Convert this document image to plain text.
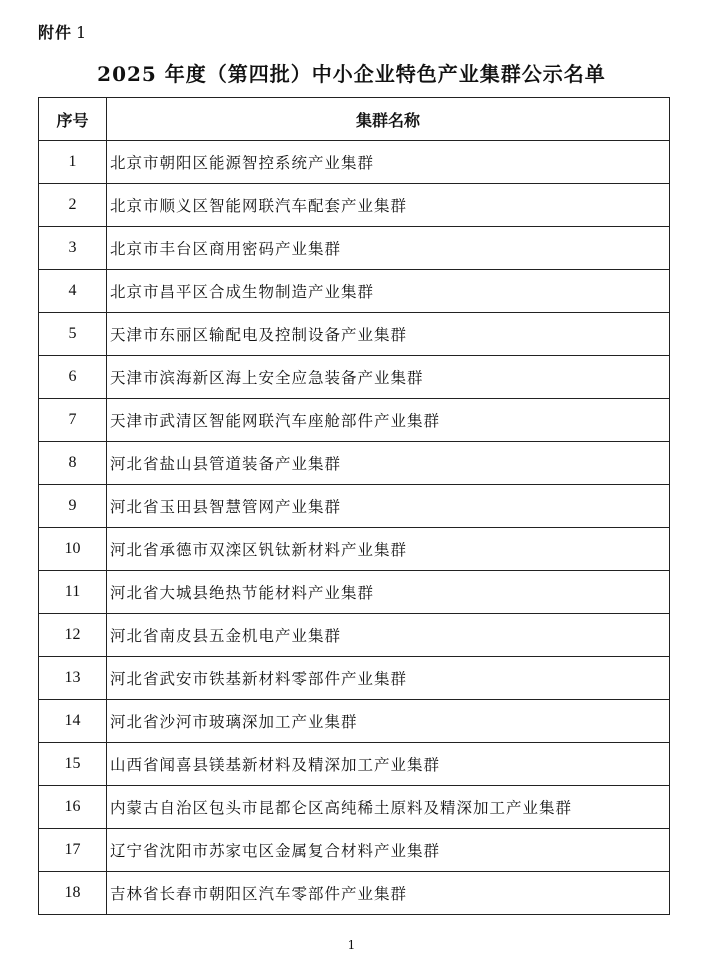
附件 1
2025 年度（第四批）中小企业特色产业集群公示名单
序号	集群名称
1	北京市朝阳区能源智控系统产业集群
2	北京市顺义区智能网联汽车配套产业集群
3	北京市丰台区商用密码产业集群
4	北京市昌平区合成生物制造产业集群
5	天津市东丽区输配电及控制设备产业集群
6	天津市滨海新区海上安全应急装备产业集群
7	天津市武清区智能网联汽车座舱部件产业集群
8	河北省盐山县管道装备产业集群
9	河北省玉田县智慧管网产业集群
10	河北省承德市双滦区钒钛新材料产业集群
11	河北省大城县绝热节能材料产业集群
12	河北省南皮县五金机电产业集群
13	河北省武安市铁基新材料零部件产业集群
14	河北省沙河市玻璃深加工产业集群
15	山西省闻喜县镁基新材料及精深加工产业集群
16	内蒙古自治区包头市昆都仑区高纯稀土原料及精深加工产业集群
17	辽宁省沈阳市苏家屯区金属复合材料产业集群
18	吉林省长春市朝阳区汽车零部件产业集群
1
